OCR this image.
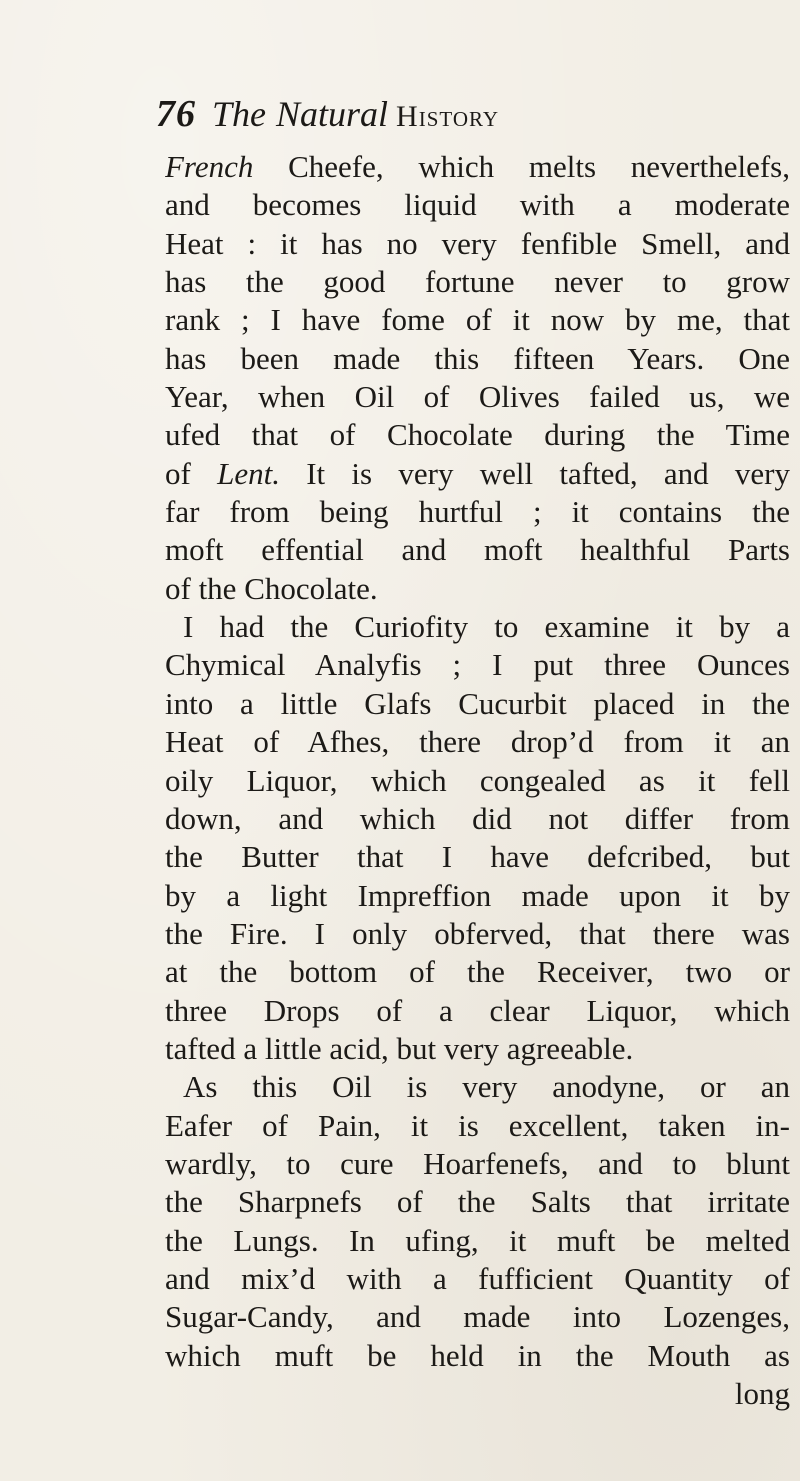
76 The Natural History
French Cheefe, which melts neverthelefs,
and becomes liquid with a moderate
Heat : it has no very fenfible Smell, and
has the good fortune never to grow
rank ; I have fome of it now by me, that
has been made this fifteen Years. One
Year, when Oil of Olives failed us, we
ufed that of Chocolate during the Time
of Lent. It is very well tafted, and very
far from being hurtful ; it contains the
moft effential and moft healthful Parts
of the Chocolate.
I had the Curiofity to examine it by a
Chymical Analyfis ; I put three Ounces
into a little Glafs Cucurbit placed in the
Heat of Afhes, there drop’d from it an
oily Liquor, which congealed as it fell
down, and which did not differ from
the Butter that I have defcribed, but
by a light Impreffion made upon it by
the Fire. I only obferved, that there was
at the bottom of the Receiver, two or
three Drops of a clear Liquor, which
tafted a little acid, but very agreeable.
As this Oil is very anodyne, or an
Eafer of Pain, it is excellent, taken in-
wardly, to cure Hoarfenefs, and to blunt
the Sharpnefs of the Salts that irritate
the Lungs. In ufing, it muft be melted
and mix’d with a fufficient Quantity of
Sugar-Candy, and made into Lozenges,
which muft be held in the Mouth as
long
